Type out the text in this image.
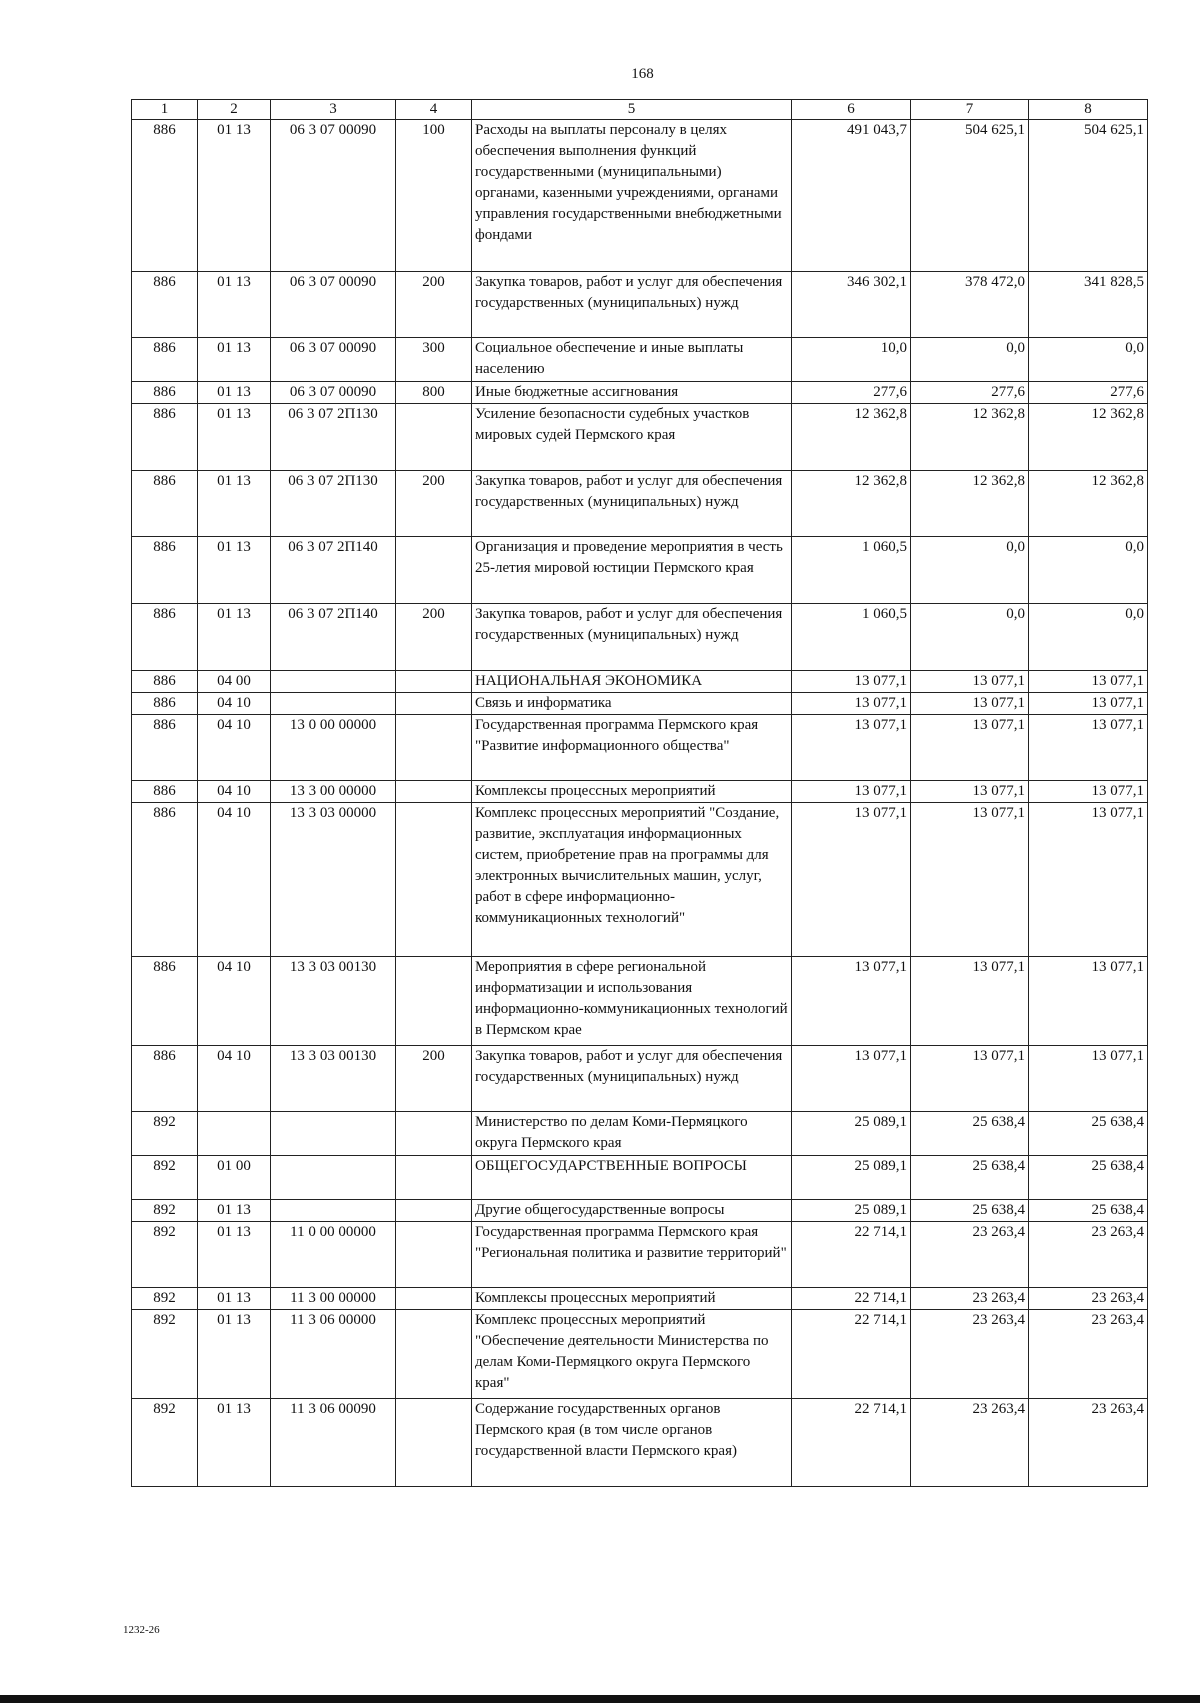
168
1	2	3	4	5	6	7	8
886	01 13	06 3 07 00090	100	Расходы на выплаты персоналу в целях обеспечения выполнения функций государственными (муниципальными) органами, казенными учреждениями, органами управления государственными внебюджетными фондами	491 043,7	504 625,1	504 625,1
886	01 13	06 3 07 00090	200	Закупка товаров, работ и услуг для обеспечения государственных (муниципальных) нужд	346 302,1	378 472,0	341 828,5
886	01 13	06 3 07 00090	300	Социальное обеспечение и иные выплаты населению	10,0	0,0	0,0
886	01 13	06 3 07 00090	800	Иные бюджетные ассигнования	277,6	277,6	277,6
886	01 13	06 3 07 2П130		Усиление безопасности судебных участков мировых судей Пермского края	12 362,8	12 362,8	12 362,8
886	01 13	06 3 07 2П130	200	Закупка товаров, работ и услуг для обеспечения государственных (муниципальных) нужд	12 362,8	12 362,8	12 362,8
886	01 13	06 3 07 2П140		Организация и проведение мероприятия в честь 25-летия мировой юстиции Пермского края	1 060,5	0,0	0,0
886	01 13	06 3 07 2П140	200	Закупка товаров, работ и услуг для обеспечения государственных (муниципальных) нужд	1 060,5	0,0	0,0
886	04 00			НАЦИОНАЛЬНАЯ ЭКОНОМИКА	13 077,1	13 077,1	13 077,1
886	04 10			Связь и информатика	13 077,1	13 077,1	13 077,1
886	04 10	13 0 00 00000		Государственная программа Пермского края "Развитие информационного общества"	13 077,1	13 077,1	13 077,1
886	04 10	13 3 00 00000		Комплексы процессных мероприятий	13 077,1	13 077,1	13 077,1
886	04 10	13 3 03 00000		Комплекс процессных мероприятий "Создание, развитие, эксплуатация информационных систем, приобретение прав на программы для электронных вычислительных машин, услуг, работ в сфере информационно-коммуникационных технологий"	13 077,1	13 077,1	13 077,1
886	04 10	13 3 03 00130		Мероприятия в сфере региональной информатизации и использования информационно-коммуникационных технологий в Пермском крае	13 077,1	13 077,1	13 077,1
886	04 10	13 3 03 00130	200	Закупка товаров, работ и услуг для обеспечения государственных (муниципальных) нужд	13 077,1	13 077,1	13 077,1
892				Министерство по делам Коми-Пермяцкого округа Пермского края	25 089,1	25 638,4	25 638,4
892	01 00			ОБЩЕГОСУДАРСТВЕННЫЕ ВОПРОСЫ	25 089,1	25 638,4	25 638,4
892	01 13			Другие общегосударственные вопросы	25 089,1	25 638,4	25 638,4
892	01 13	11 0 00 00000		Государственная программа Пермского края "Региональная политика и развитие территорий"	22 714,1	23 263,4	23 263,4
892	01 13	11 3 00 00000		Комплексы процессных мероприятий	22 714,1	23 263,4	23 263,4
892	01 13	11 3 06 00000		Комплекс процессных мероприятий "Обеспечение деятельности Министерства по делам Коми-Пермяцкого округа Пермского края"	22 714,1	23 263,4	23 263,4
892	01 13	11 3 06 00090		Содержание государственных органов Пермского края (в том числе органов государственной власти Пермского края)	22 714,1	23 263,4	23 263,4
1232-26
